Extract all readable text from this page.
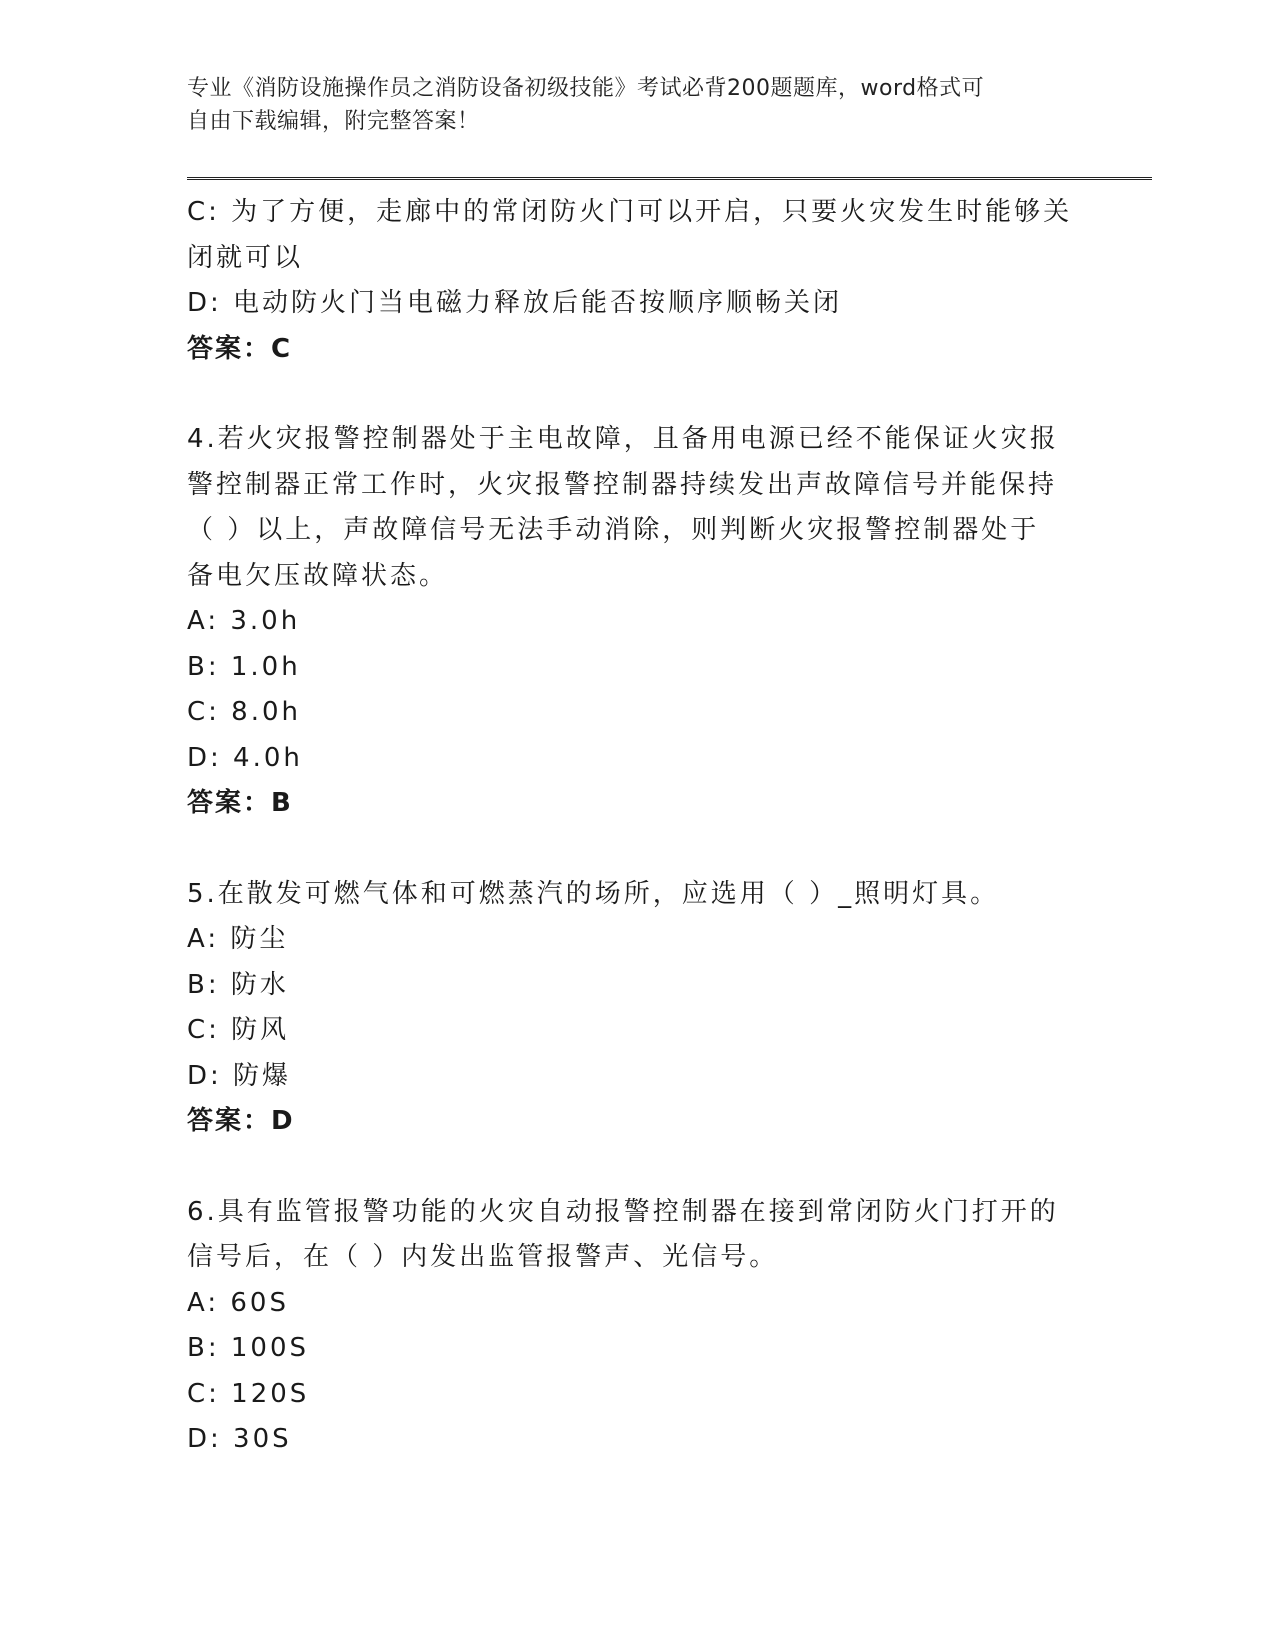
专业《消防设施操作员之消防设备初级技能》考试必背200题题库，word格式可
自由下载编辑，附完整答案！
C: 为了方便，走廊中的常闭防火门可以开启，只要火灾发生时能够关
闭就可以
D: 电动防火门当电磁力释放后能否按顺序顺畅关闭
答案：C
4.若火灾报警控制器处于主电故障，且备用电源已经不能保证火灾报
警控制器正常工作时，火灾报警控制器持续发出声故障信号并能保持
（ ）以上，声故障信号无法手动消除，则判断火灾报警控制器处于
备电欠压故障状态。
A: 3.0h
B: 1.0h
C: 8.0h
D: 4.0h
答案：B
5.在散发可燃气体和可燃蒸汽的场所，应选用（ ）_照明灯具。
A: 防尘
B: 防水
C: 防风
D: 防爆
答案：D
6.具有监管报警功能的火灾自动报警控制器在接到常闭防火门打开的
信号后，在（ ）内发出监管报警声、光信号。
A: 60S
B: 100S
C: 120S
D: 30S
